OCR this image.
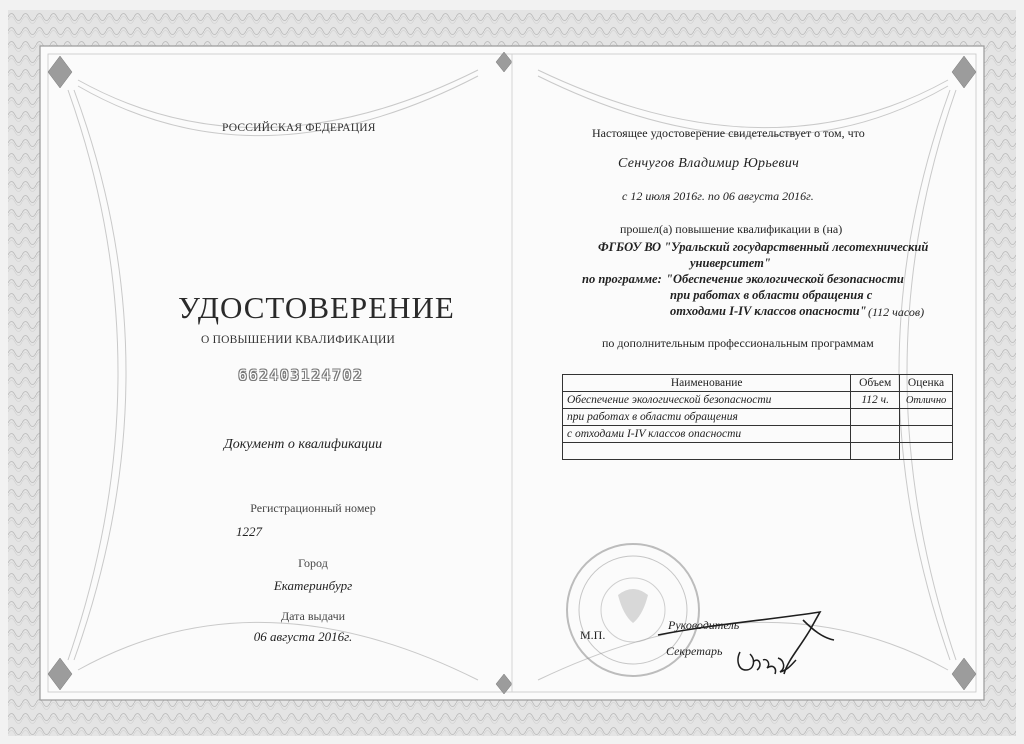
РОССИЙСКАЯ ФЕДЕРАЦИЯ
УДОСТОВЕРЕНИЕ
О ПОВЫШЕНИИ КВАЛИФИКАЦИИ
662403124702
Документ о квалификации
Регистрационный номер
1227
Город
Екатеринбург
Дата выдачи
06 августа 2016г.
Настоящее удостоверение свидетельствует о том, что
Сенчугов Владимир Юрьевич
с 12 июля 2016г. по 06 августа 2016г.
прошел(а) повышение квалификации в (на)
ФГБОУ ВО "Уральский государственный лесотехнический
университет"
по программе: "Обеспечение экологической безопасности
при работах в области обращения с
отходами I-IV классов опасности" (112 часов)
по дополнительным профессиональным программам
Наименование	Объем	Оценка
Обеспечение экологической безопасности	112 ч.	Отлично
при работах в области обращения		
с отходами I-IV классов опасности		

М.П.
Руководитель
Секретарь
